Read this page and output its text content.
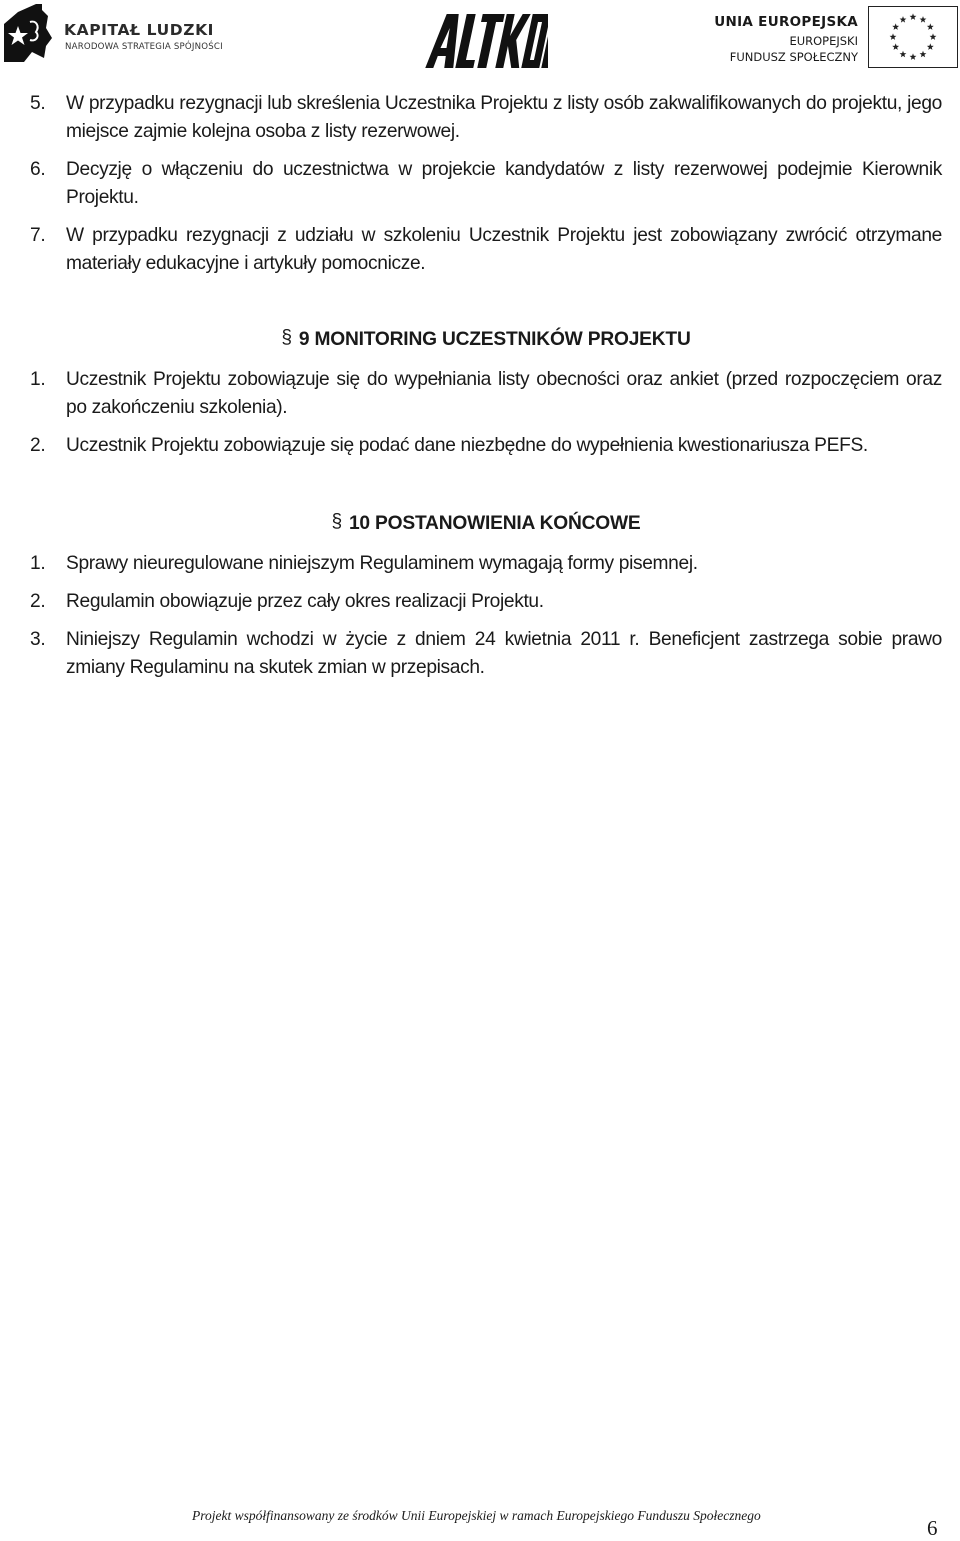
KAPITAŁ LUDZKI
NARODOWA STRATEGIA SPÓJNOŚCI
UNIA EUROPEJSKA
EUROPEJSKI
FUNDUSZ SPOŁECZNY

5. W przypadku rezygnacji lub skreślenia Uczestnika Projektu z listy osób zakwalifikowanych do projektu, jego miejsce zajmie kolejna osoba z listy rezerwowej.

6. Decyzję o włączeniu do uczestnictwa w projekcie kandydatów z listy rezerwowej podejmie Kierownik Projektu.

7. W przypadku rezygnacji z udziału w szkoleniu Uczestnik Projektu jest zobowiązany zwrócić otrzymane materiały edukacyjne i artykuły pomocnicze.

§ 9 MONITORING UCZESTNIKÓW PROJEKTU

1. Uczestnik Projektu zobowiązuje się do wypełniania listy obecności oraz ankiet (przed rozpoczęciem oraz po zakończeniu szkolenia).

2. Uczestnik Projektu zobowiązuje się podać dane niezbędne do wypełnienia kwestionariusza PEFS.

§ 10 POSTANOWIENIA KOŃCOWE

1. Sprawy nieuregulowane niniejszym Regulaminem wymagają formy pisemnej.

2. Regulamin obowiązuje przez cały okres realizacji Projektu.

3. Niniejszy Regulamin wchodzi w życie z dniem 24 kwietnia 2011 r. Beneficjent zastrzega sobie prawo zmiany Regulaminu na skutek zmian w przepisach.

Projekt współfinansowany ze środków Unii Europejskiej w ramach Europejskiego Funduszu Społecznego
6
